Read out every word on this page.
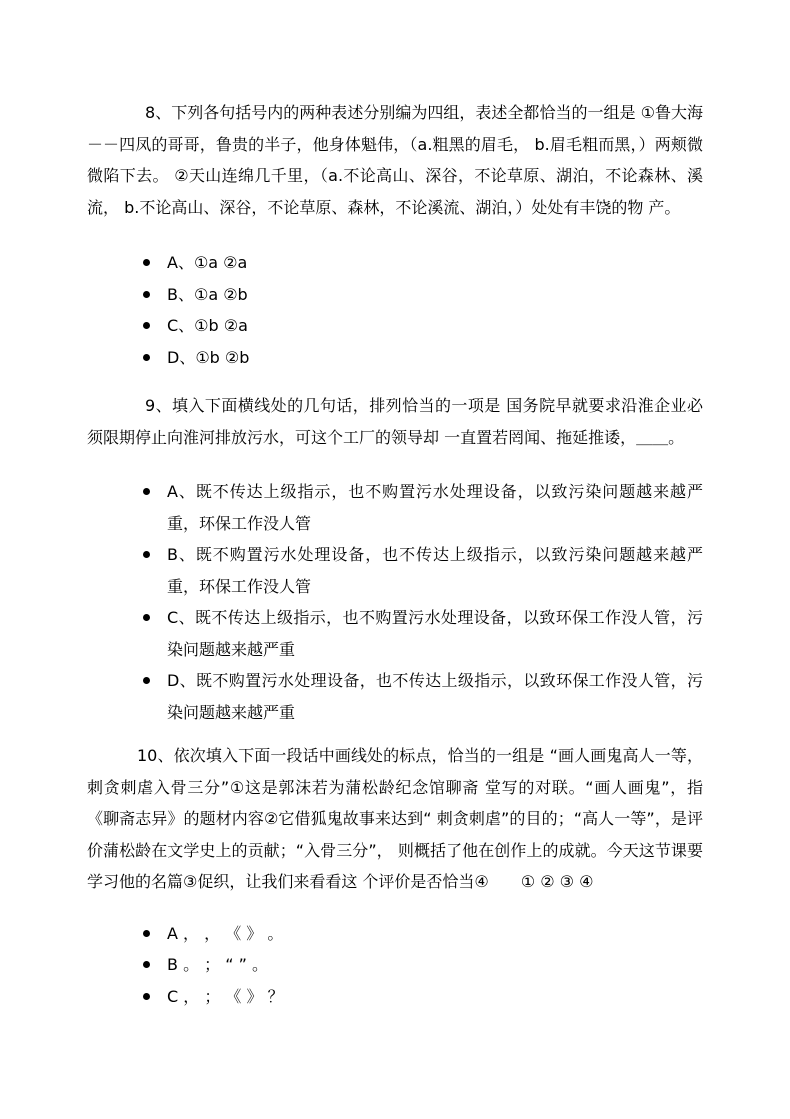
8、下列各句括号内的两种表述分别编为四组，表述全都恰当的一组是 ①鲁大海－－四凤的哥哥，鲁贵的半子，他身体魁伟，（a.粗黑的眉毛， b.眉毛粗而黑，）两颊微微陷下去。 ②天山连绵几千里，（a.不论高山、深谷，不论草原、湖泊，不论森林、溪流， b.不论高山、深谷，不论草原、森林，不论溪流、湖泊，）处处有丰饶的物 产。

A、①a ②a
B、①a ②b
C、①b ②a
D、①b ②b

9、填入下面横线处的几句话，排列恰当的一项是 国务院早就要求沿淮企业必须限期停止向淮河排放污水，可这个工厂的领导却 一直置若罔闻、拖延推诿，＿＿。

A、既不传达上级指示，也不购置污水处理设备，以致污染问题越来越严重，环保工作没人管
B、既不购置污水处理设备，也不传达上级指示，以致污染问题越来越严重，环保工作没人管
C、既不传达上级指示，也不购置污水处理设备，以致环保工作没人管，污染问题越来越严重
D、既不购置污水处理设备，也不传达上级指示，以致环保工作没人管，污染问题越来越严重

10、依次填入下面一段话中画线处的标点，恰当的一组是 “画人画鬼高人一等，刺贪刺虐入骨三分”①这是郭沫若为蒲松龄纪念馆聊斋 堂写的对联。“画人画鬼”，指《聊斋志异》的题材内容②它借狐鬼故事来达到“ 刺贪刺虐”的目的；“高人一等”，是评价蒲松龄在文学史上的贡献；“入骨三分”， 则概括了他在创作上的成就。今天这节课要学习他的名篇③促织，让我们来看看这 个评价是否恰当④　　① ② ③ ④

A ， ， 《 》 。
B 。 ； “ ” 。
C ， ； 《 》 ？
